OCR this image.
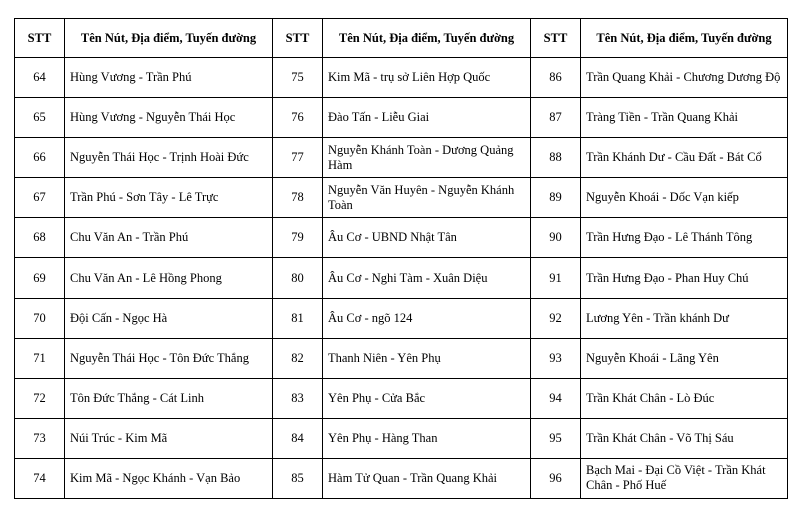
STT	Tên Nút, Địa điểm, Tuyến đường	STT	Tên Nút, Địa điểm, Tuyến đường	STT	Tên Nút, Địa điểm, Tuyến đường
64	Hùng Vương - Trần Phú	75	Kim Mã - trụ sở Liên Hợp Quốc	86	Trần Quang Khải - Chương Dương Độ
65	Hùng Vương - Nguyễn Thái Học	76	Đào Tấn - Liễu Giai	87	Tràng Tiền - Trần Quang Khải
66	Nguyễn Thái Học - Trịnh Hoài Đức	77	Nguyễn Khánh Toàn - Dương Quảng Hàm	88	Trần Khánh Dư - Cầu Đất - Bát Cổ
67	Trần Phú - Sơn Tây - Lê Trực	78	Nguyễn Văn Huyên - Nguyễn Khánh Toàn	89	Nguyễn Khoái - Dốc Vạn kiếp
68	Chu Văn An - Trần Phú	79	Âu Cơ - UBND Nhật Tân	90	Trần Hưng Đạo - Lê Thánh Tông
69	Chu Văn An - Lê Hồng Phong	80	Âu Cơ - Nghi Tàm - Xuân Diệu	91	Trần Hưng Đạo - Phan Huy Chú
70	Đội Cấn - Ngọc Hà	81	Âu Cơ - ngõ 124	92	Lương Yên - Trần khánh Dư
71	Nguyễn Thái Học - Tôn Đức Thắng	82	Thanh Niên - Yên Phụ	93	Nguyễn Khoái - Lãng Yên
72	Tôn Đức Thắng - Cát Linh	83	Yên Phụ - Cửa Bắc	94	Trần Khát Chân - Lò Đúc
73	Núi Trúc - Kim Mã	84	Yên Phụ - Hàng Than	95	Trần Khát Chân - Võ Thị Sáu
74	Kim Mã - Ngọc Khánh - Vạn Bảo	85	Hàm Tử Quan - Trần Quang Khải	96	Bạch Mai - Đại Cồ Việt - Trần Khát Chân - Phố Huế
